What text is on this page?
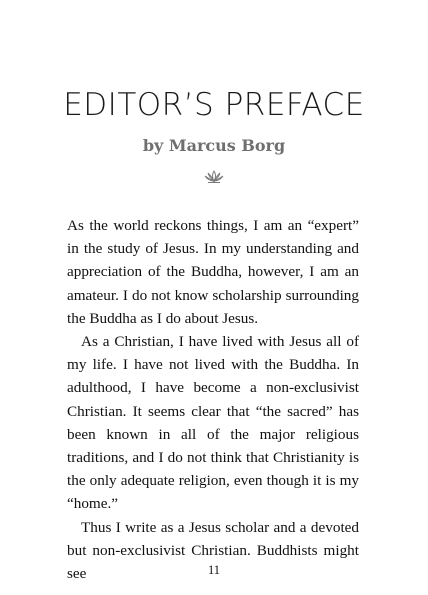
EDITOR’S PREFACE
by Marcus Borg

As the world reckons things, I am an “expert” in the study of Jesus. In my understanding and appreciation of the Buddha, however, I am an amateur. I do not know scholarship surrounding the Buddha as I do about Jesus.

As a Christian, I have lived with Jesus all of my life. I have not lived with the Buddha. In adulthood, I have become a non-exclusivist Christian. It seems clear that “the sacred” has been known in all of the major religious traditions, and I do not think that Christianity is the only adequate religion, even though it is my “home.”

Thus I write as a Jesus scholar and a devoted but non-exclusivist Christian. Buddhists might see	11
